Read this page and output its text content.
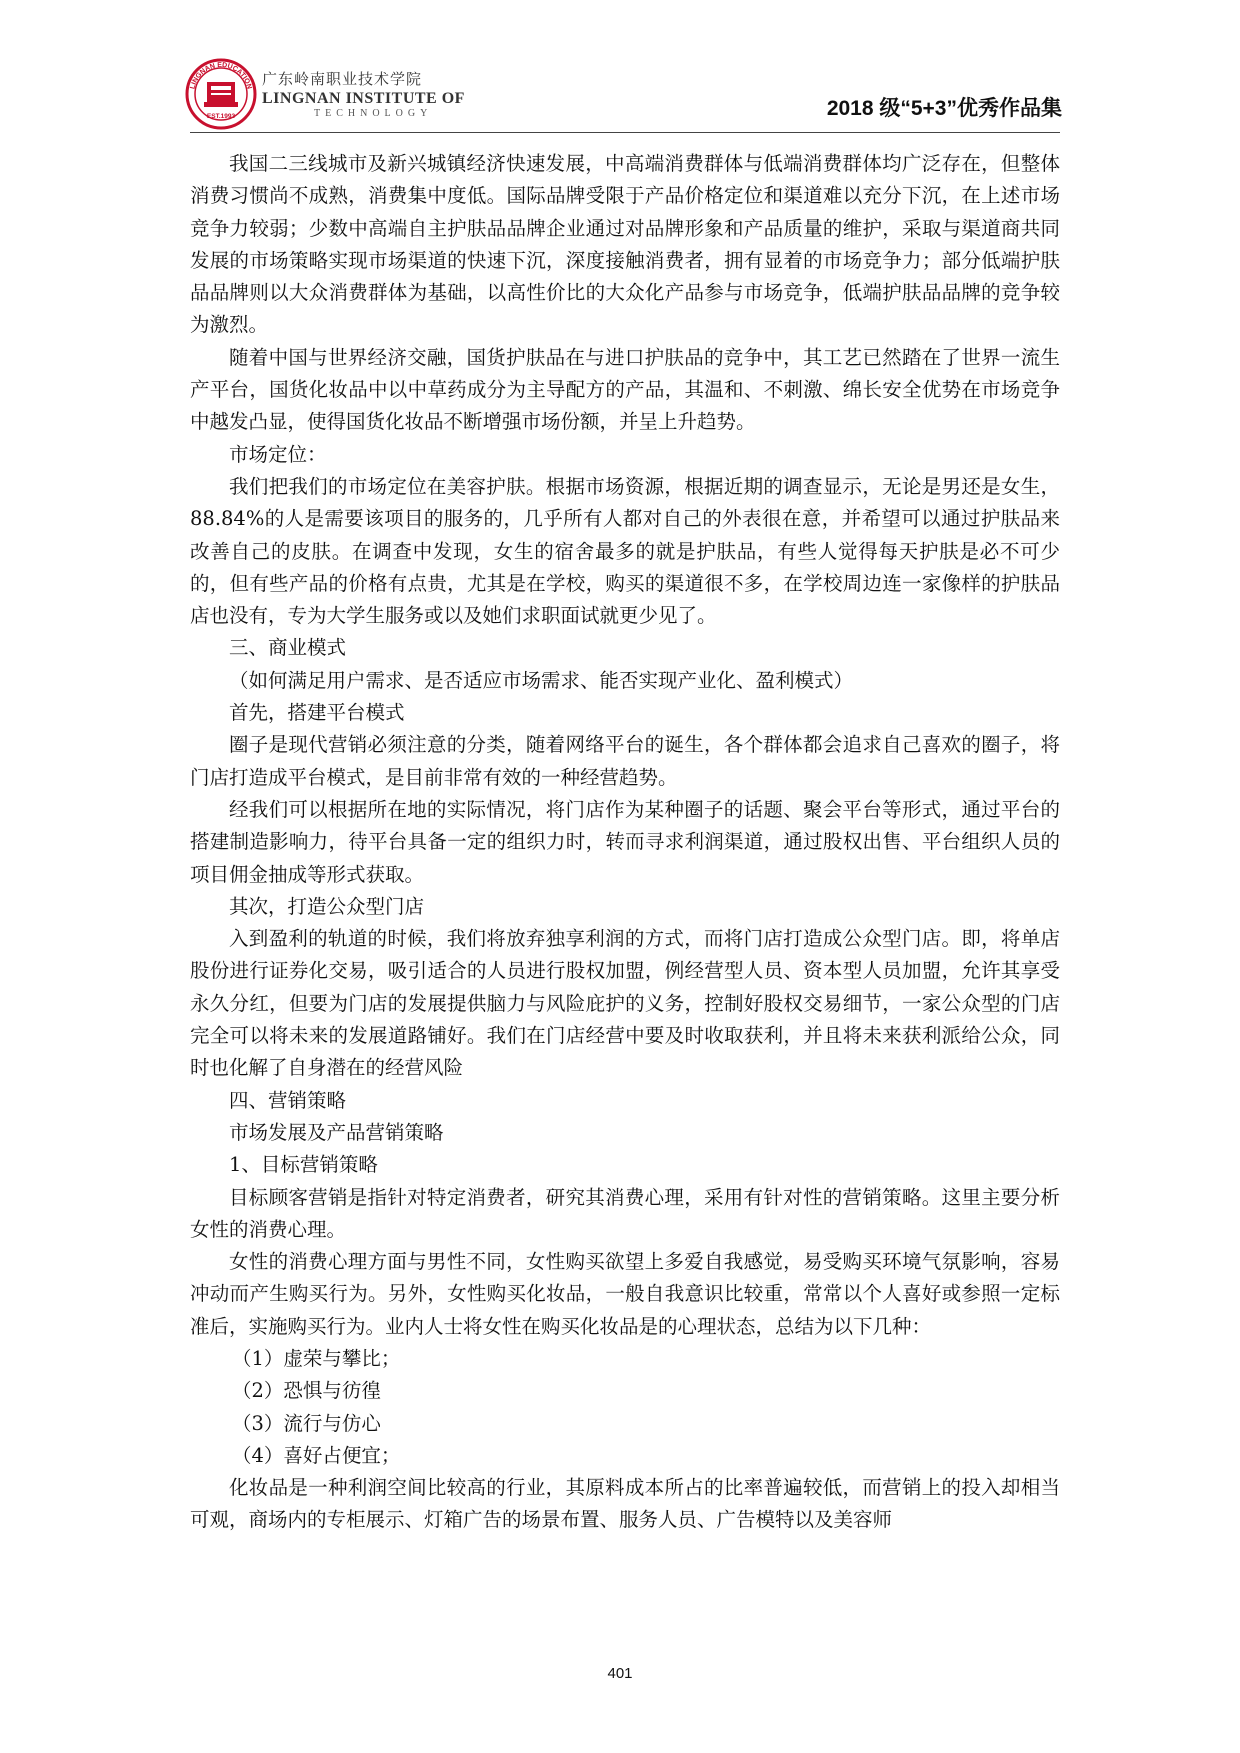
LINGNAN EDUCATION
EST.1993
广东岭南职业技术学院
LINGNAN INSTITUTE OF
TECHNOLOGY	2018 级“5+3”优秀作品集

我国二三线城市及新兴城镇经济快速发展，中高端消费群体与低端消费群体均广泛存在，但整体消费习惯尚不成熟，消费集中度低。国际品牌受限于产品价格定位和渠道难以充分下沉，在上述市场竞争力较弱；少数中高端自主护肤品品牌企业通过对品牌形象和产品质量的维护，采取与渠道商共同发展的市场策略实现市场渠道的快速下沉，深度接触消费者，拥有显着的市场竞争力；部分低端护肤品品牌则以大众消费群体为基础，以高性价比的大众化产品参与市场竞争，低端护肤品品牌的竞争较为激烈。

随着中国与世界经济交融，国货护肤品在与进口护肤品的竞争中，其工艺已然踏在了世界一流生产平台，国货化妆品中以中草药成分为主导配方的产品，其温和、不刺激、绵长安全优势在市场竞争中越发凸显，使得国货化妆品不断增强市场份额，并呈上升趋势。

市场定位：

我们把我们的市场定位在美容护肤。根据市场资源，根据近期的调查显示，无论是男还是女生，88.84%的人是需要该项目的服务的，几乎所有人都对自己的外表很在意，并希望可以通过护肤品来改善自己的皮肤。在调查中发现，女生的宿舍最多的就是护肤品，有些人觉得每天护肤是必不可少的，但有些产品的价格有点贵，尤其是在学校，购买的渠道很不多，在学校周边连一家像样的护肤品店也没有，专为大学生服务或以及她们求职面试就更少见了。

三、商业模式

（如何满足用户需求、是否适应市场需求、能否实现产业化、盈利模式）

首先，搭建平台模式

圈子是现代营销必须注意的分类，随着网络平台的诞生，各个群体都会追求自己喜欢的圈子，将门店打造成平台模式，是目前非常有效的一种经营趋势。

经我们可以根据所在地的实际情况，将门店作为某种圈子的话题、聚会平台等形式，通过平台的搭建制造影响力，待平台具备一定的组织力时，转而寻求利润渠道，通过股权出售、平台组织人员的项目佣金抽成等形式获取。

其次，打造公众型门店

入到盈利的轨道的时候，我们将放弃独享利润的方式，而将门店打造成公众型门店。即，将单店股份进行证券化交易，吸引适合的人员进行股权加盟，例经营型人员、资本型人员加盟，允许其享受永久分红，但要为门店的发展提供脑力与风险庇护的义务，控制好股权交易细节，一家公众型的门店完全可以将未来的发展道路铺好。我们在门店经营中要及时收取获利，并且将未来获利派给公众，同时也化解了自身潜在的经营风险

四、营销策略

市场发展及产品营销策略

1、目标营销策略

目标顾客营销是指针对特定消费者，研究其消费心理，采用有针对性的营销策略。这里主要分析女性的消费心理。

女性的消费心理方面与男性不同，女性购买欲望上多爱自我感觉，易受购买环境气氛影响，容易冲动而产生购买行为。另外，女性购买化妆品，一般自我意识比较重，常常以个人喜好或参照一定标准后，实施购买行为。业内人士将女性在购买化妆品是的心理状态，总结为以下几种：

（1）虚荣与攀比；

（2）恐惧与彷徨

（3）流行与仿心

（4）喜好占便宜；

化妆品是一种利润空间比较高的行业，其原料成本所占的比率普遍较低，而营销上的投入却相当可观，商场内的专柜展示、灯箱广告的场景布置、服务人员、广告模特以及美容师

401
